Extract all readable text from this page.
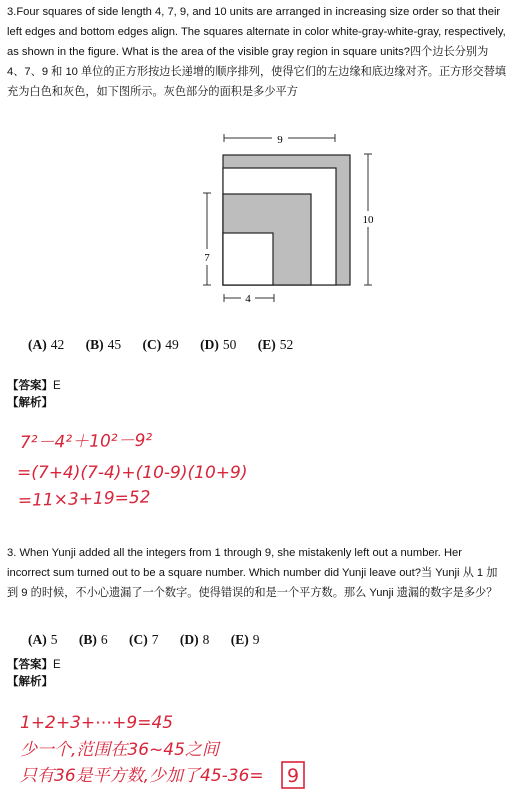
3.Four squares of side length 4, 7, 9, and 10 units are arranged in increasing size order so that their left edges and bottom edges align. The squares alternate in color white-gray-white-gray, respectively, as shown in the figure. What is the area of the visible gray region in square units?四个边长分别为 4、7、9 和 10 单位的正方形按边长递增的顺序排列，使得它们的左边缘和底边缘对齐。正方形交替填充为白色和灰色，如下图所示。灰色部分的面积是多少平方
9
10
7
4
(A) 42 (B) 45 (C) 49 (D) 50 (E) 52
【答案】E
【解析】
7²－4²＋10²－9²
=(7+4)(7-4)+(10-9)(10+9)
=11×3+19=52
3. When Yunji added all the integers from 1 through 9, she mistakenly left out a number. Her incorrect sum turned out to be a square number. Which number did Yunji leave out?当 Yunji 从 1 加到 9 的时候，不小心遗漏了一个数字。使得错误的和是一个平方数。那么 Yunji 遗漏的数字是多少？
(A) 5 (B) 6 (C) 7 (D) 8 (E) 9
【答案】E
【解析】
1+2+3+⋯+9=45
少一个,范围在36~45之间
只有36是平方数,少加了45-36= 9
